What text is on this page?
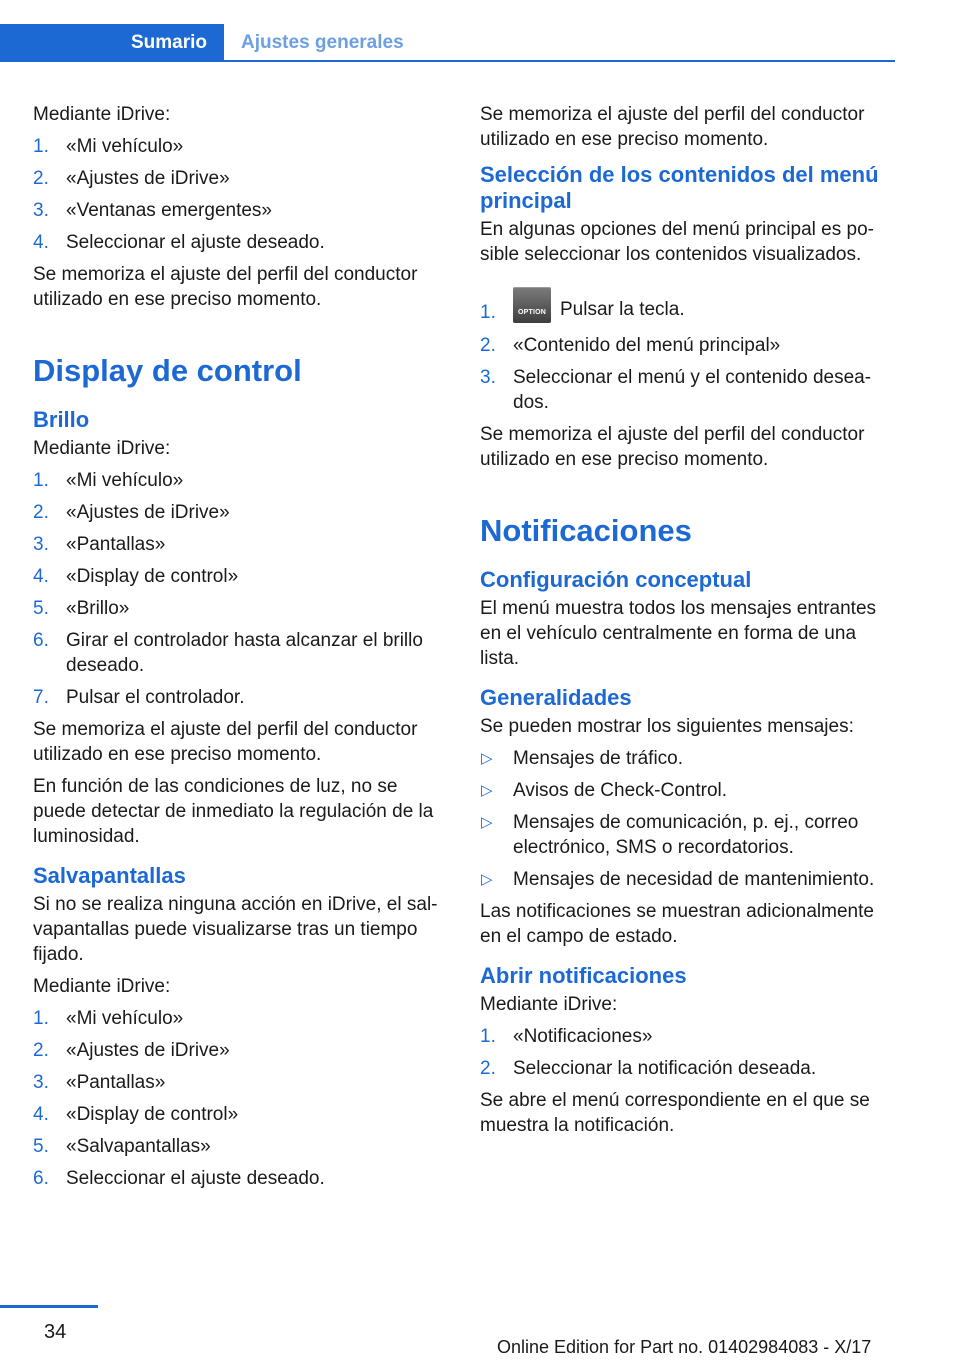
Sumario	Ajustes generales

Mediante iDrive:

1. «Mi vehículo»
2. «Ajustes de iDrive»
3. «Ventanas emergentes»
4. Seleccionar el ajuste deseado.

Se memoriza el ajuste del perfil del conductor utilizado en ese preciso momento.

Display de control
Brillo

Mediante iDrive:

1. «Mi vehículo»
2. «Ajustes de iDrive»
3. «Pantallas»
4. «Display de control»
5. «Brillo»
6. Girar el controlador hasta alcanzar el brillo deseado.
7. Pulsar el controlador.

Se memoriza el ajuste del perfil del conductor utilizado en ese preciso momento.

En función de las condiciones de luz, no se puede detectar de inmediato la regulación de la luminosidad.

Salvapantallas

Si no se realiza ninguna acción en iDrive, el sal‐ vapantallas puede visualizarse tras un tiempo fijado.

Mediante iDrive:

1. «Mi vehículo»
2. «Ajustes de iDrive»
3. «Pantallas»
4. «Display de control»
5. «Salvapantallas»
6. Seleccionar el ajuste deseado.

Se memoriza el ajuste del perfil del conductor utilizado en ese preciso momento.

Selección de los contenidos del menú principal

En algunas opciones del menú principal es po‐ sible seleccionar los contenidos visualizados.

1.	OPTION Pulsar la tecla.
2. «Contenido del menú principal»
3. Seleccionar el menú y el contenido desea‐ dos.

Se memoriza el ajuste del perfil del conductor utilizado en ese preciso momento.

Notificaciones
Configuración conceptual

El menú muestra todos los mensajes entrantes en el vehículo centralmente en forma de una lista.

Generalidades

Se pueden mostrar los siguientes mensajes:

▷ Mensajes de tráfico.
▷ Avisos de Check-Control.
▷ Mensajes de comunicación, p. ej., correo electrónico, SMS o recordatorios.
▷ Mensajes de necesidad de mantenimiento.

Las notificaciones se muestran adicionalmente en el campo de estado.

Abrir notificaciones

Mediante iDrive:

1. «Notificaciones»
2. Seleccionar la notificación deseada.

Se abre el menú correspondiente en el que se muestra la notificación.

34
Online Edition for Part no. 01402984083 - X/17
